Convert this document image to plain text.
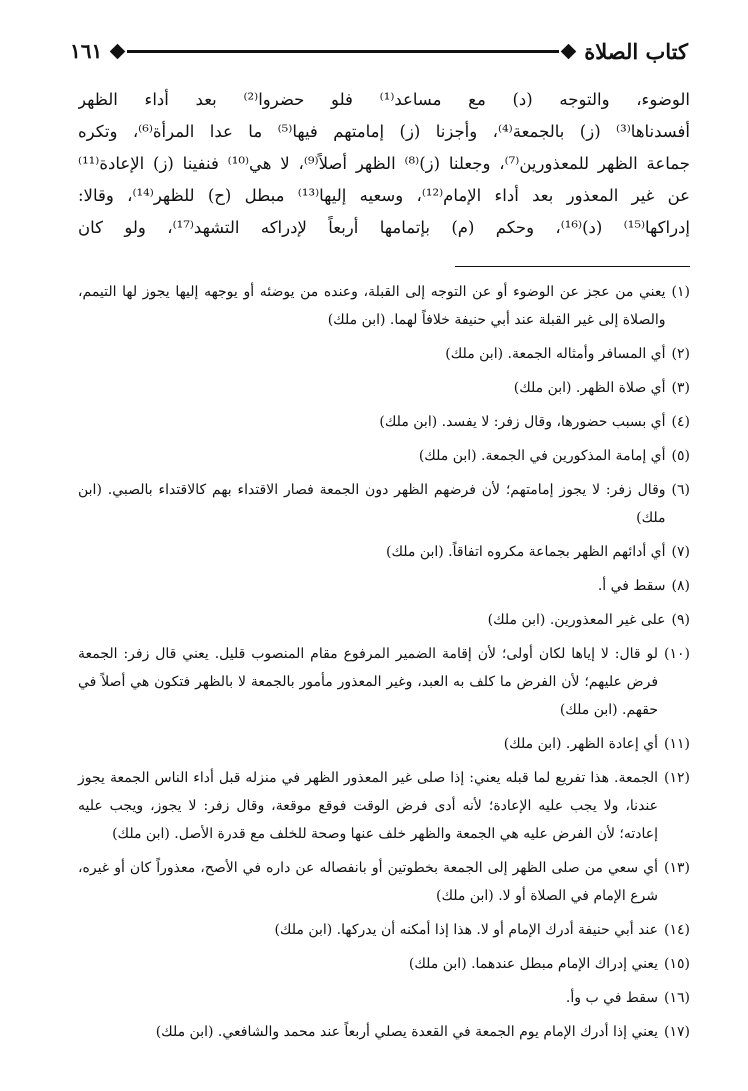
١٦١	كتاب الصلاة
الوضوء، والتوجه (د) مع مساعد⁽¹⁾ فلو حضروا⁽²⁾ بعد أداء الظهر
أفسدناها⁽³⁾ (ز) بالجمعة⁽⁴⁾، وأجزنا (ز) إمامتهم فيها⁽⁵⁾ ما عدا المرأة⁽⁶⁾، وتكره
جماعة الظهر للمعذورين⁽⁷⁾، وجعلنا (ز)⁽⁸⁾ الظهر أصلاً⁽⁹⁾، لا هي⁽¹⁰⁾ فنفينا (ز) الإعادة⁽¹¹⁾
عن غير المعذور بعد أداء الإمام⁽¹²⁾، وسعيه إليها⁽¹³⁾ مبطل (ح) للظهر⁽¹⁴⁾، وقالا:
إدراكها⁽¹⁵⁾ (د)⁽¹⁶⁾، وحكم (م) بإتمامها أربعاً لإدراكه التشهد⁽¹⁷⁾، ولو كان
(١)
يعني من عجز عن الوضوء أو عن التوجه إلى القبلة، وعنده من يوضئه أو يوجهه إليها يجوز لها التيمم، والصلاة إلى غير القبلة عند أبي حنيفة خلافاً لهما. (ابن ملك)
(٢)
أي المسافر وأمثاله الجمعة. (ابن ملك)
(٣)
أي صلاة الظهر. (ابن ملك)
(٤)
أي بسبب حضورها، وقال زفر: لا يفسد. (ابن ملك)
(٥)
أي إمامة المذكورين في الجمعة. (ابن ملك)
(٦)
وقال زفر: لا يجوز إمامتهم؛ لأن فرضهم الظهر دون الجمعة فصار الاقتداء بهم كالاقتداء بالصبي. (ابن ملك)
(٧)
أي أدائهم الظهر بجماعة مكروه اتفاقاً. (ابن ملك)
(٨)
سقط في أ.
(٩)
على غير المعذورين. (ابن ملك)
(١٠)
لو قال: لا إياها لكان أولى؛ لأن إقامة الضمير المرفوع مقام المنصوب قليل. يعني قال زفر: الجمعة فرض عليهم؛ لأن الفرض ما كلف به العبد، وغير المعذور مأمور بالجمعة لا بالظهر فتكون هي أصلاً في حقهم. (ابن ملك)
(١١)
أي إعادة الظهر. (ابن ملك)
(١٢)
الجمعة. هذا تفريع لما قبله يعني: إذا صلى غير المعذور الظهر في منزله قبل أداء الناس الجمعة يجوز عندنا، ولا يجب عليه الإعادة؛ لأنه أدى فرض الوقت فوقع موقعة، وقال زفر: لا يجوز، ويجب عليه إعادته؛ لأن الفرض عليه هي الجمعة والظهر خلف عنها وصحة للخلف مع قدرة الأصل. (ابن ملك)
(١٣)
أي سعي من صلى الظهر إلى الجمعة بخطوتين أو بانفصاله عن داره في الأصح، معذوراً كان أو غيره، شرع الإمام في الصلاة أو لا. (ابن ملك)
(١٤)
عند أبي حنيفة أدرك الإمام أو لا. هذا إذا أمكنه أن يدركها. (ابن ملك)
(١٥)
يعني إدراك الإمام مبطل عندهما. (ابن ملك)
(١٦)
سقط في ب وأ.
(١٧)
يعني إذا أدرك الإمام يوم الجمعة في القعدة يصلي أربعاً عند محمد والشافعي. (ابن ملك)
